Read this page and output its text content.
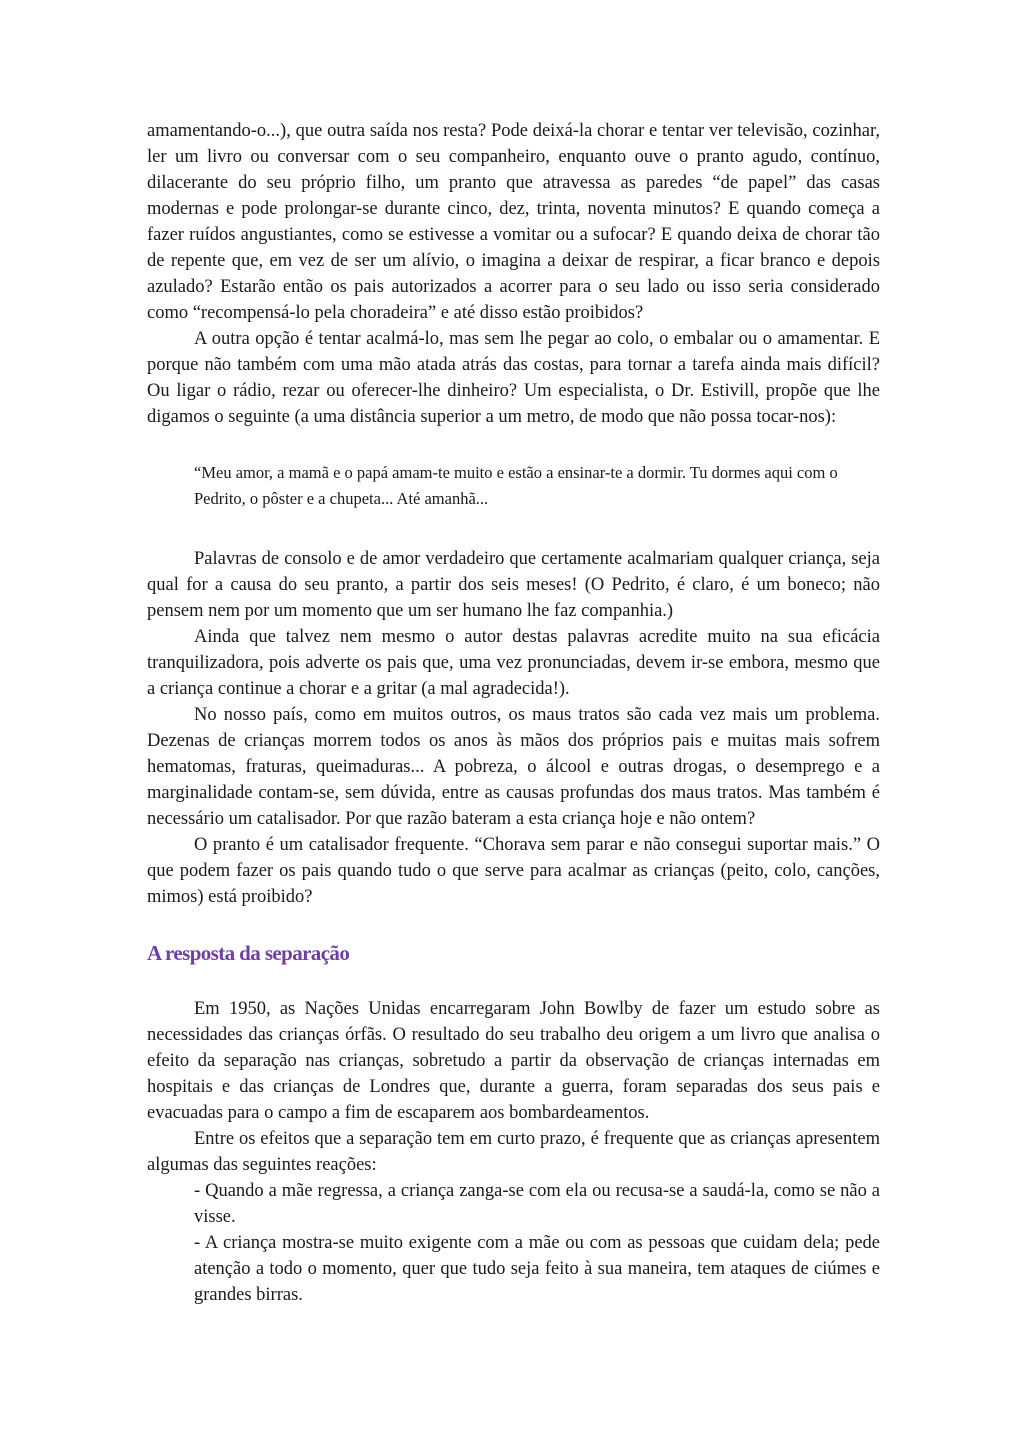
amamentando-o...), que outra saída nos resta? Pode deixá-la chorar e tentar ver televisão, cozinhar, ler um livro ou conversar com o seu companheiro, enquanto ouve o pranto agudo, contínuo, dilacerante do seu próprio filho, um pranto que atravessa as paredes “de papel” das casas modernas e pode prolongar-se durante cinco, dez, trinta, noventa minutos? E quando começa a fazer ruídos angustiantes, como se estivesse a vomitar ou a sufocar? E quando deixa de chorar tão de repente que, em vez de ser um alívio, o imagina a deixar de respirar, a ficar branco e depois azulado? Estarão então os pais autorizados a acorrer para o seu lado ou isso seria considerado como “recompensá-lo pela choradeira” e até disso estão proibidos?

A outra opção é tentar acalmá-lo, mas sem lhe pegar ao colo, o embalar ou o amamentar. E porque não também com uma mão atada atrás das costas, para tornar a tarefa ainda mais difícil? Ou ligar o rádio, rezar ou oferecer-lhe dinheiro? Um especialista, o Dr. Estivill, propõe que lhe digamos o seguinte (a uma distância superior a um metro, de modo que não possa tocar-nos):

“Meu amor, a mamã e o papá amam-te muito e estão a ensinar-te a dormir. Tu dormes aqui com o Pedrito, o pôster e a chupeta... Até amanhã...

Palavras de consolo e de amor verdadeiro que certamente acalmariam qualquer criança, seja qual for a causa do seu pranto, a partir dos seis meses! (O Pedrito, é claro, é um boneco; não pensem nem por um momento que um ser humano lhe faz companhia.)

Ainda que talvez nem mesmo o autor destas palavras acredite muito na sua eficácia tranquilizadora, pois adverte os pais que, uma vez pronunciadas, devem ir-se embora, mesmo que a criança continue a chorar e a gritar (a mal agradecida!).

No nosso país, como em muitos outros, os maus tratos são cada vez mais um problema. Dezenas de crianças morrem todos os anos às mãos dos próprios pais e muitas mais sofrem hematomas, fraturas, queimaduras... A pobreza, o álcool e outras drogas, o desemprego e a marginalidade contam-se, sem dúvida, entre as causas profundas dos maus tratos. Mas também é necessário um catalisador. Por que razão bateram a esta criança hoje e não ontem?

O pranto é um catalisador frequente. “Chorava sem parar e não consegui suportar mais.” O que podem fazer os pais quando tudo o que serve para acalmar as crianças (peito, colo, canções, mimos) está proibido?

A resposta da separação

Em 1950, as Nações Unidas encarregaram John Bowlby de fazer um estudo sobre as necessidades das crianças órfãs. O resultado do seu trabalho deu origem a um livro que analisa o efeito da separação nas crianças, sobretudo a partir da observação de crianças internadas em hospitais e das crianças de Londres que, durante a guerra, foram separadas dos seus pais e evacuadas para o campo a fim de escaparem aos bombardeamentos.

Entre os efeitos que a separação tem em curto prazo, é frequente que as crianças apresentem algumas das seguintes reações:

- Quando a mãe regressa, a criança zanga-se com ela ou recusa-se a saudá-la, como se não a visse.

- A criança mostra-se muito exigente com a mãe ou com as pessoas que cuidam dela; pede atenção a todo o momento, quer que tudo seja feito à sua maneira, tem ataques de ciúmes e grandes birras.
